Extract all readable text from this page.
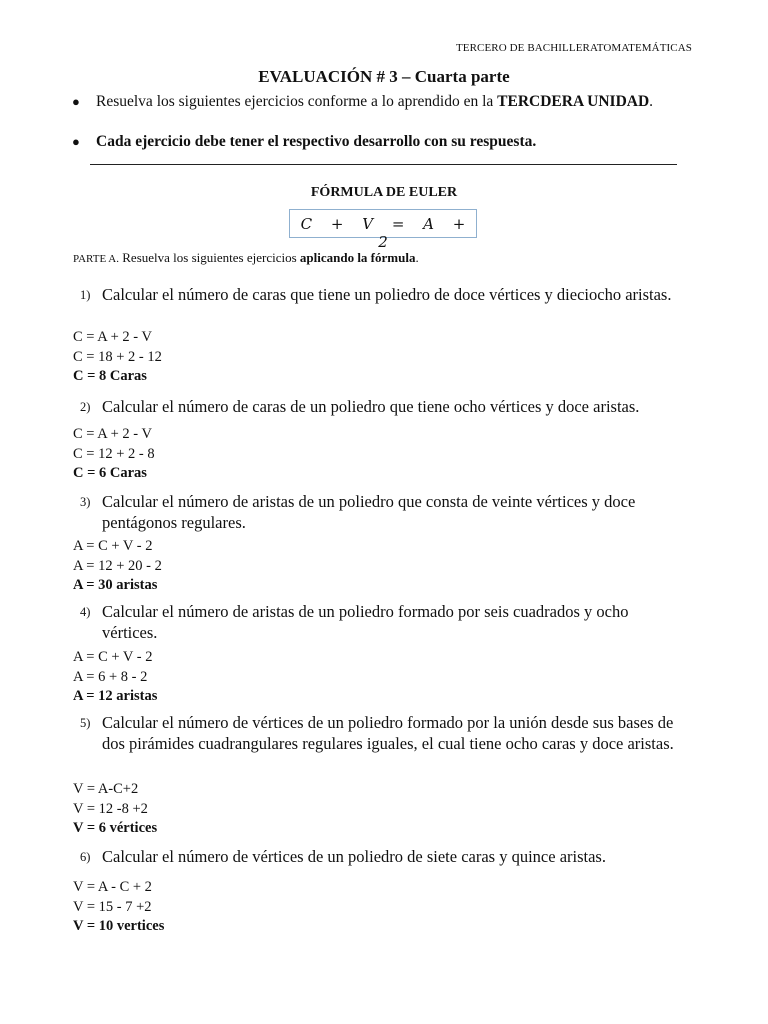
TERCERO DE BACHILLERATOMATEMÁTICAS
EVALUACIÓN # 3 – Cuarta parte
● Resuelva los siguientes ejercicios conforme a lo aprendido en la TERCDERA UNIDAD.

● Cada ejercicio debe tener el respectivo desarrollo con su respuesta.

FÓRMULA DE EULER
C + V = A + 2
PARTE A. Resuelva los siguientes ejercicios aplicando la fórmula.
1) Calcular el número de caras que tiene un poliedro de doce vértices y dieciocho aristas.
C = A + 2 - V
C = 18 + 2 - 12
C = 8 Caras
2) Calcular el número de caras de un poliedro que tiene ocho vértices y doce aristas.
C = A + 2 - V
C = 12 + 2 - 8
C = 6 Caras
3) Calcular el número de aristas de un poliedro que consta de veinte vértices y doce pentágonos regulares.
A = C + V - 2
A = 12 + 20 - 2
A = 30 aristas
4) Calcular el número de aristas de un poliedro formado por seis cuadrados y ocho vértices.
A = C + V - 2
A = 6 + 8 - 2
A = 12 aristas
5) Calcular el número de vértices de un poliedro formado por la unión desde sus bases de dos pirámides cuadrangulares regulares iguales, el cual tiene ocho caras y doce aristas.
V = A-C+2
V = 12 -8 +2
V = 6 vértices
6) Calcular el número de vértices de un poliedro de siete caras y quince aristas.
V = A - C + 2
V = 15 - 7 +2
V = 10 vertices
